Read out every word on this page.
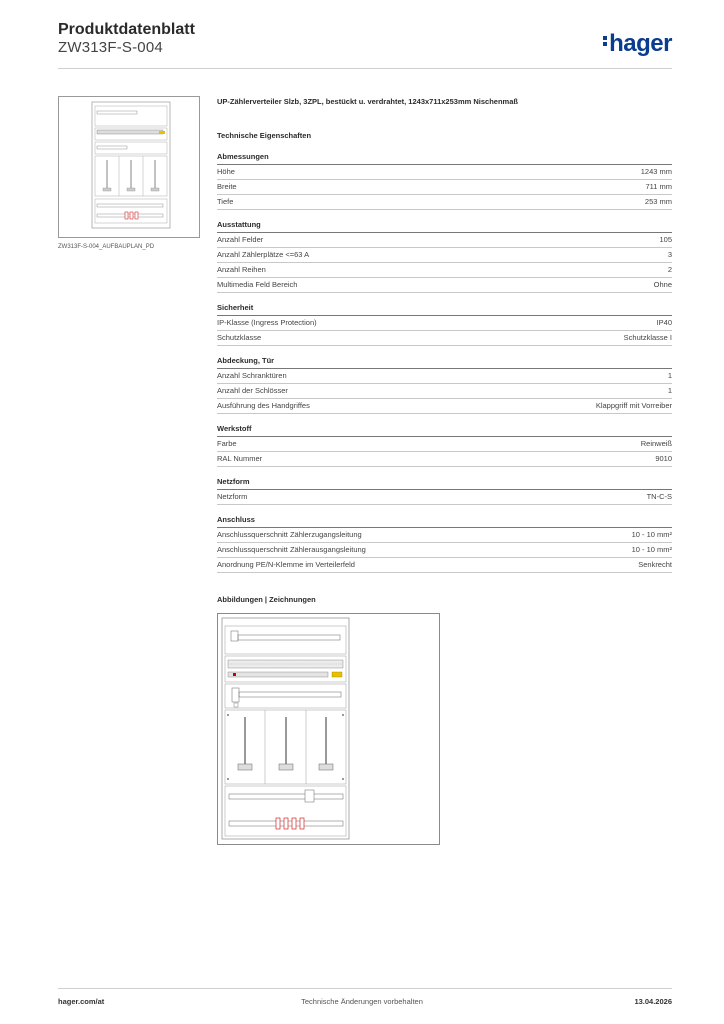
Produktdatenblatt
ZW313F-S-004	hager
ZW313F-S-004_AUFBAUPLAN_PD
UP-Zählerverteiler Slzb, 3ZPL, bestückt u. verdrahtet, 1243x711x253mm Nischenmaß
Technische Eigenschaften
Abmessungen
Höhe	1243 mm
Breite	711 mm
Tiefe	253 mm
Ausstattung
Anzahl Felder	105
Anzahl Zählerplätze <=63 A	3
Anzahl Reihen	2
Multimedia Feld Bereich	Ohne
Sicherheit
IP-Klasse (Ingress Protection)	IP40
Schutzklasse	Schutzklasse I
Abdeckung, Tür
Anzahl Schranktüren	1
Anzahl der Schlösser	1
Ausführung des Handgriffes	Klappgriff mit Vorreiber
Werkstoff
Farbe	Reinweiß
RAL Nummer	9010
Netzform
Netzform	TN-C-S
Anschluss
Anschlussquerschnitt Zählerzugangsleitung	10 - 10 mm²
Anschlussquerschnitt Zählerausgangsleitung	10 - 10 mm²
Anordnung PE/N-Klemme im Verteilerfeld	Senkrecht
Abbildungen | Zeichnungen
hager.com/at	Technische Änderungen vorbehalten	13.04.2026
